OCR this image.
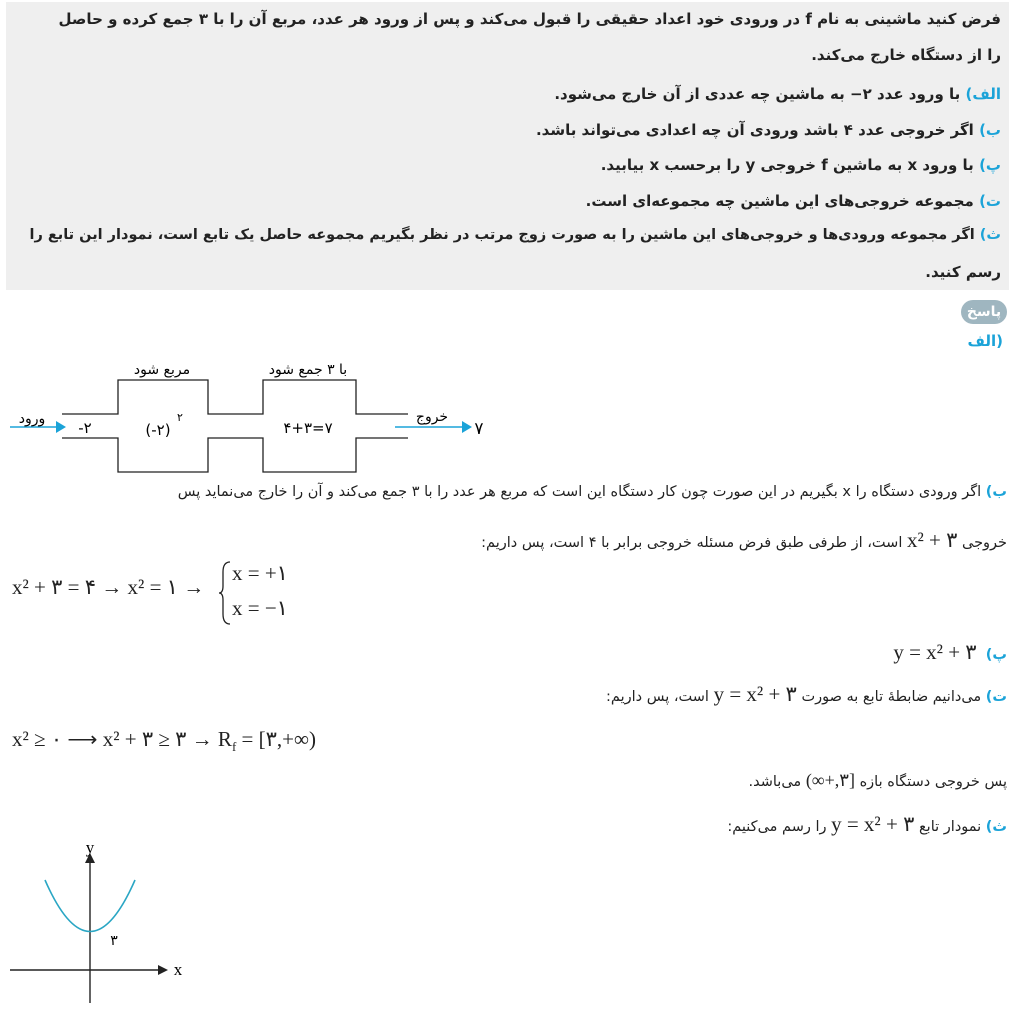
فرض کنید ماشینی به نام f در ورودی خود اعداد حقیقی را قبول می‌کند و پس از ورود هر عدد، مربع آن را با ۳ جمع کرده و حاصل
را از دستگاه خارج می‌کند.
الف) با ورود عدد ۲− به ماشین چه عددی از آن خارج می‌شود.
ب) اگر خروجی عدد ۴ باشد ورودی آن چه اعدادی می‌تواند باشد.
پ) با ورود x به ماشین f خروجی y را برحسب x بیابید.
ت) مجموعه خروجی‌های این ماشین چه مجموعه‌ای است.
ث) اگر مجموعه ورودی‌ها و خروجی‌های این ماشین را به صورت زوج مرتب در نظر بگیریم مجموعه حاصل یک تابع است، نمودار این تابع را
رسم کنید.
پاسخ
الف)
ورود -۲
مربع شود
(-۲)
۲
با ۳ جمع شود
۴+۳=۷
خروج
۷
ب) اگر ورودی دستگاه را x بگیریم در این صورت چون کار دستگاه این است که مربع هر عدد را با ۳ جمع می‌کند و آن را خارج می‌نماید پس
خروجی x² + ۳ است، از طرفی طبق فرض مسئله خروجی برابر با ۴ است، پس داریم:
x² + ۳ = ۴ → x² = ۱ →
x = +۱
x = −۱
پ)  y = x² + ۳
ت) می‌دانیم ضابطهٔ تابع به صورت y = x² + ۳ است، پس داریم:
x² ≥ ۰ ⟶ x² + ۳ ≥ ۳ → $R_f$ = [۳,+∞)
پس خروجی دستگاه بازه [۳,+∞) می‌باشد.
ث) نمودار تابع y = x² + ۳ را رسم می‌کنیم:
x
y
۳
